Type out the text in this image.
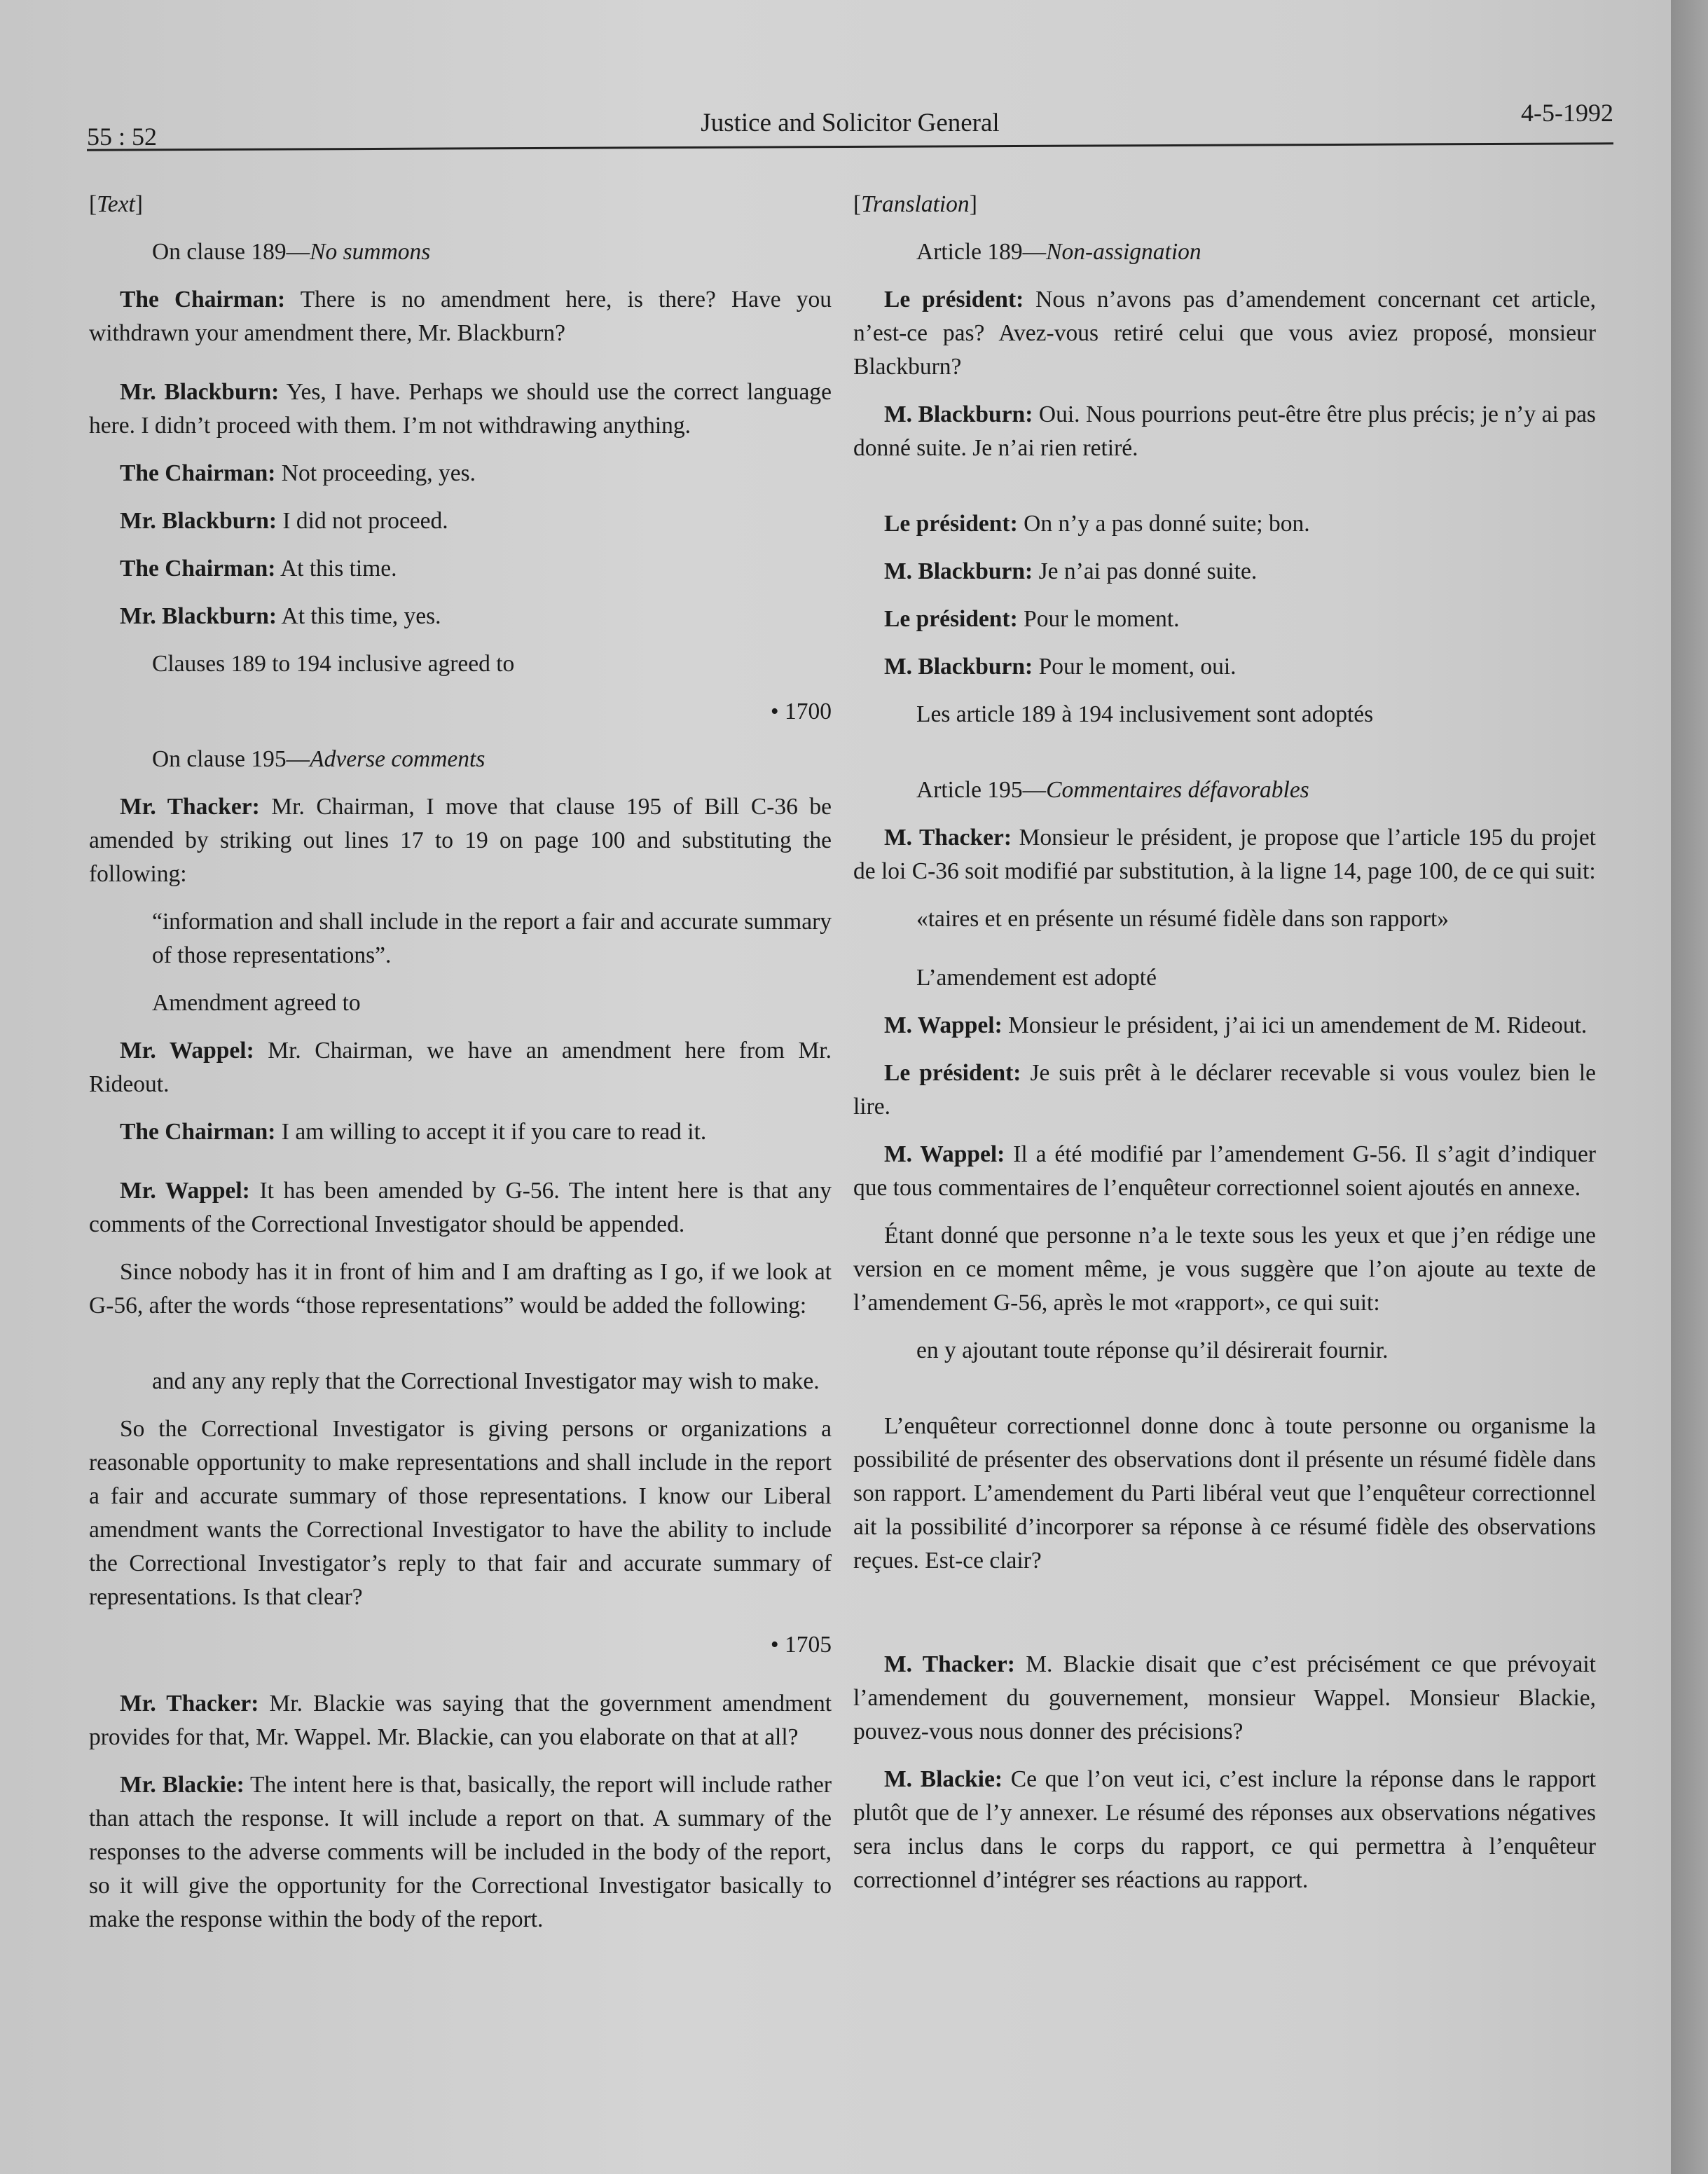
55 : 52	Justice and Solicitor General	4-5-1992

[Text]

On clause 189—No summons

The Chairman: There is no amendment here, is there? Have you withdrawn your amendment there, Mr. Blackburn?

Mr. Blackburn: Yes, I have. Perhaps we should use the correct language here. I didn’t proceed with them. I’m not withdrawing anything.

The Chairman: Not proceeding, yes.

Mr. Blackburn: I did not proceed.

The Chairman: At this time.

Mr. Blackburn: At this time, yes.

Clauses 189 to 194 inclusive agreed to

• 1700

On clause 195—Adverse comments

Mr. Thacker: Mr. Chairman, I move that clause 195 of Bill C-36 be amended by striking out lines 17 to 19 on page 100 and substituting the following:

“information and shall include in the report a fair and accurate summary of those representations”.

Amendment agreed to

Mr. Wappel: Mr. Chairman, we have an amendment here from Mr. Rideout.

The Chairman: I am willing to accept it if you care to read it.

Mr. Wappel: It has been amended by G-56. The intent here is that any comments of the Correctional Investigator should be appended.

Since nobody has it in front of him and I am drafting as I go, if we look at G-56, after the words “those representations” would be added the following:

and any any reply that the Correctional Investigator may wish to make.

So the Correctional Investigator is giving persons or organizations a reasonable opportunity to make representations and shall include in the report a fair and accurate summary of those representations. I know our Liberal amendment wants the Correctional Investigator to have the ability to include the Correctional Investigator’s reply to that fair and accurate summary of representations. Is that clear?

• 1705

Mr. Thacker: Mr. Blackie was saying that the government amendment provides for that, Mr. Wappel. Mr. Blackie, can you elaborate on that at all?

Mr. Blackie: The intent here is that, basically, the report will include rather than attach the response. It will include a report on that. A summary of the responses to the adverse comments will be included in the body of the report, so it will give the opportunity for the Correctional Investigator basically to make the response within the body of the report.

[Translation]

Article 189—Non-assignation

Le président: Nous n’avons pas d’amendement concernant cet article, n’est-ce pas? Avez-vous retiré celui que vous aviez proposé, monsieur Blackburn?

M. Blackburn: Oui. Nous pourrions peut-être être plus précis; je n’y ai pas donné suite. Je n’ai rien retiré.

Le président: On n’y a pas donné suite; bon.

M. Blackburn: Je n’ai pas donné suite.

Le président: Pour le moment.

M. Blackburn: Pour le moment, oui.

Les article 189 à 194 inclusivement sont adoptés

Article 195—Commentaires défavorables

M. Thacker: Monsieur le président, je propose que l’article 195 du projet de loi C-36 soit modifié par substitution, à la ligne 14, page 100, de ce qui suit:

«taires et en présente un résumé fidèle dans son rapport»

L’amendement est adopté

M. Wappel: Monsieur le président, j’ai ici un amendement de M. Rideout.

Le président: Je suis prêt à le déclarer recevable si vous voulez bien le lire.

M. Wappel: Il a été modifié par l’amendement G-56. Il s’agit d’indiquer que tous commentaires de l’enquêteur correctionnel soient ajoutés en annexe.

Étant donné que personne n’a le texte sous les yeux et que j’en rédige une version en ce moment même, je vous suggère que l’on ajoute au texte de l’amendement G-56, après le mot «rapport», ce qui suit:

en y ajoutant toute réponse qu’il désirerait fournir.

L’enquêteur correctionnel donne donc à toute personne ou organisme la possibilité de présenter des observations dont il présente un résumé fidèle dans son rapport. L’amendement du Parti libéral veut que l’enquêteur correctionnel ait la possibilité d’incorporer sa réponse à ce résumé fidèle des observations reçues. Est-ce clair?

M. Thacker: M. Blackie disait que c’est précisément ce que prévoyait l’amendement du gouvernement, monsieur Wappel. Monsieur Blackie, pouvez-vous nous donner des précisions?

M. Blackie: Ce que l’on veut ici, c’est inclure la réponse dans le rapport plutôt que de l’y annexer. Le résumé des réponses aux observations négatives sera inclus dans le corps du rapport, ce qui permettra à l’enquêteur correctionnel d’intégrer ses réactions au rapport.
